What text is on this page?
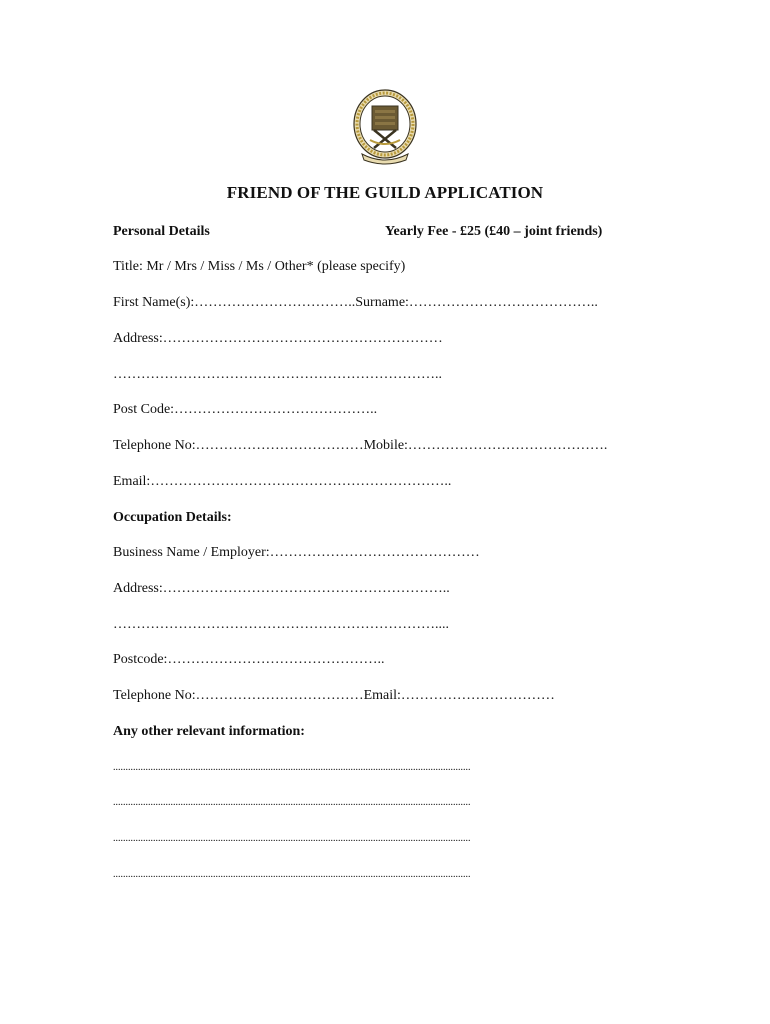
FRIEND OF THE GUILD APPLICATION
Personal Details	Yearly Fee - £25 (£40 – joint friends)
Title: Mr / Mrs / Miss / Ms / Other* (please specify)
First Name(s):……………………………..Surname:…………………………………..
Address:……………………………………………………
……………………………………………………………..
Post Code:……………………………………..
Telephone No:………………………………Mobile:…………………………………….
Email:………………………………………………………..
Occupation Details:
Business Name / Employer:………………………………………
Address:……………………………………………………..
……………………………………………………………....
Postcode:………………………………………..
Telephone No:………………………………Email:……………………………
Any other relevant information:
...............................................................................................................................................
...............................................................................................................................................
...............................................................................................................................................
...............................................................................................................................................
